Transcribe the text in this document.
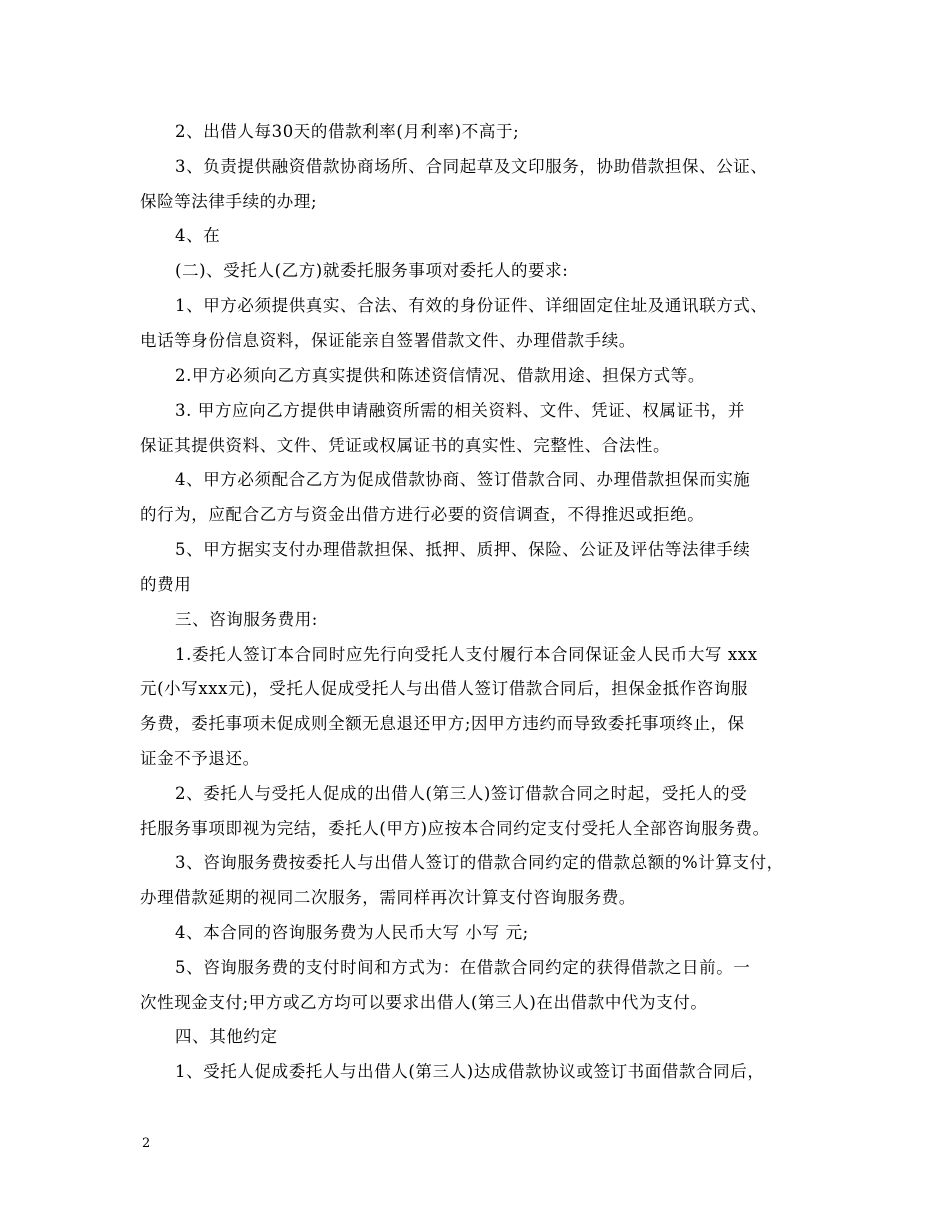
2、出借人每30天的借款利率(月利率)不高于;
3、负责提供融资借款协商场所、合同起草及文印服务，协助借款担保、公证、
保险等法律手续的办理;
4、在
(二)、受托人(乙方)就委托服务事项对委托人的要求:
1、甲方必须提供真实、合法、有效的身份证件、详细固定住址及通讯联方式、
电话等身份信息资料，保证能亲自签署借款文件、办理借款手续。
2.甲方必须向乙方真实提供和陈述资信情况、借款用途、担保方式等。
3. 甲方应向乙方提供申请融资所需的相关资料、文件、凭证、权属证书，并
保证其提供资料、文件、凭证或权属证书的真实性、完整性、合法性。
4、甲方必须配合乙方为促成借款协商、签订借款合同、办理借款担保而实施
的行为，应配合乙方与资金出借方进行必要的资信调查，不得推迟或拒绝。
5、甲方据实支付办理借款担保、抵押、质押、保险、公证及评估等法律手续
的费用
三、咨询服务费用:
1.委托人签订本合同时应先行向受托人支付履行本合同保证金人民币大写 xxx
元(小写xxx元)，受托人促成受托人与出借人签订借款合同后，担保金抵作咨询服
务费，委托事项未促成则全额无息退还甲方;因甲方违约而导致委托事项终止，保
证金不予退还。
2、委托人与受托人促成的出借人(第三人)签订借款合同之时起，受托人的受
托服务事项即视为完结，委托人(甲方)应按本合同约定支付受托人全部咨询服务费。
3、咨询服务费按委托人与出借人签订的借款合同约定的借款总额的%计算支付，
办理借款延期的视同二次服务，需同样再次计算支付咨询服务费。
4、本合同的咨询服务费为人民币大写 小写 元;
5、咨询服务费的支付时间和方式为：在借款合同约定的获得借款之日前。一
次性现金支付;甲方或乙方均可以要求出借人(第三人)在出借款中代为支付。
四、其他约定
1、受托人促成委托人与出借人(第三人)达成借款协议或签订书面借款合同后，
2
